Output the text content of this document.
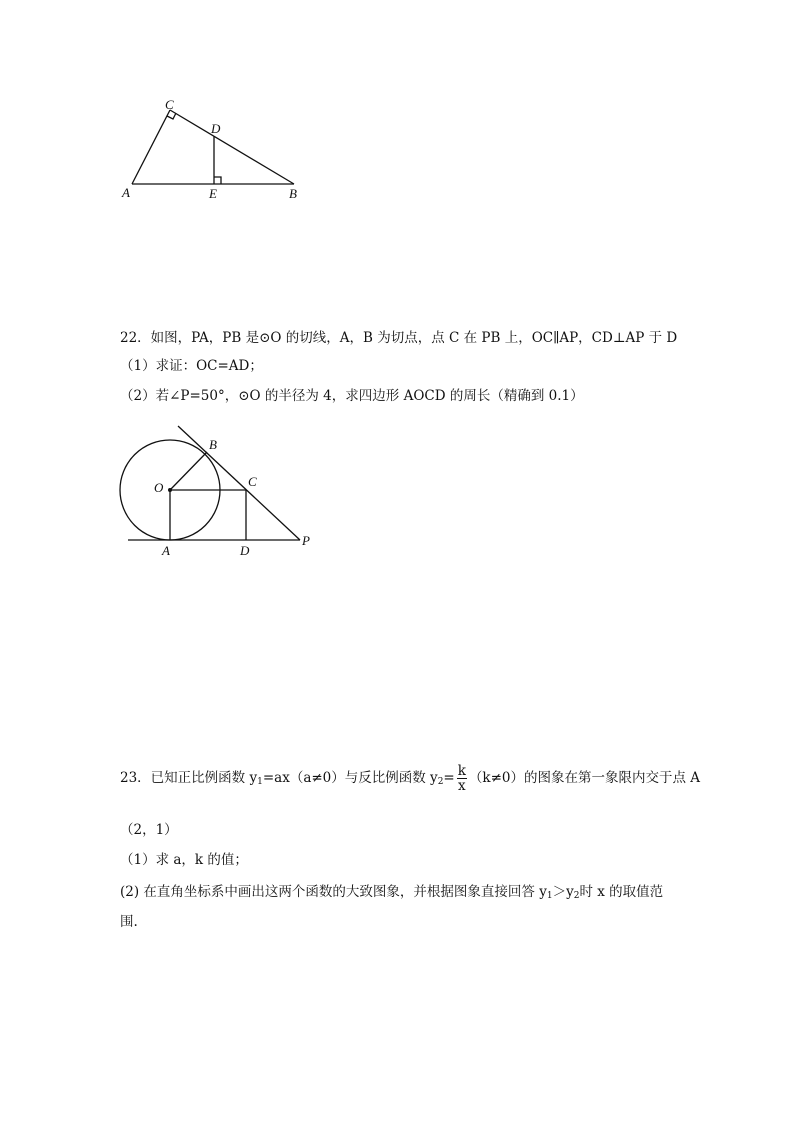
C
D
A	E	B
22．如图，PA，PB 是⊙O 的切线，A，B 为切点，点 C 在 PB 上，OC∥AP，CD⊥AP 于 D
（1）求证：OC=AD；
（2）若∠P=50°，⊙O 的半径为 4，求四边形 AOCD 的周长（精确到 0.1）
B
O	C
A	D
P
23．已知正比例函数 $y_1=ax(a\ne 0)$与反比例函数 $y_2= \frac{k}{x} (k\ne 0)$的图象在第一象限内交于点 A
（2，1）
（1）求 a，k 的值；
(2) 在直角坐标系中画出这两个函数的大致图象，并根据图象直接回答 $y_1>y_2$时 x 的取值范
围.
